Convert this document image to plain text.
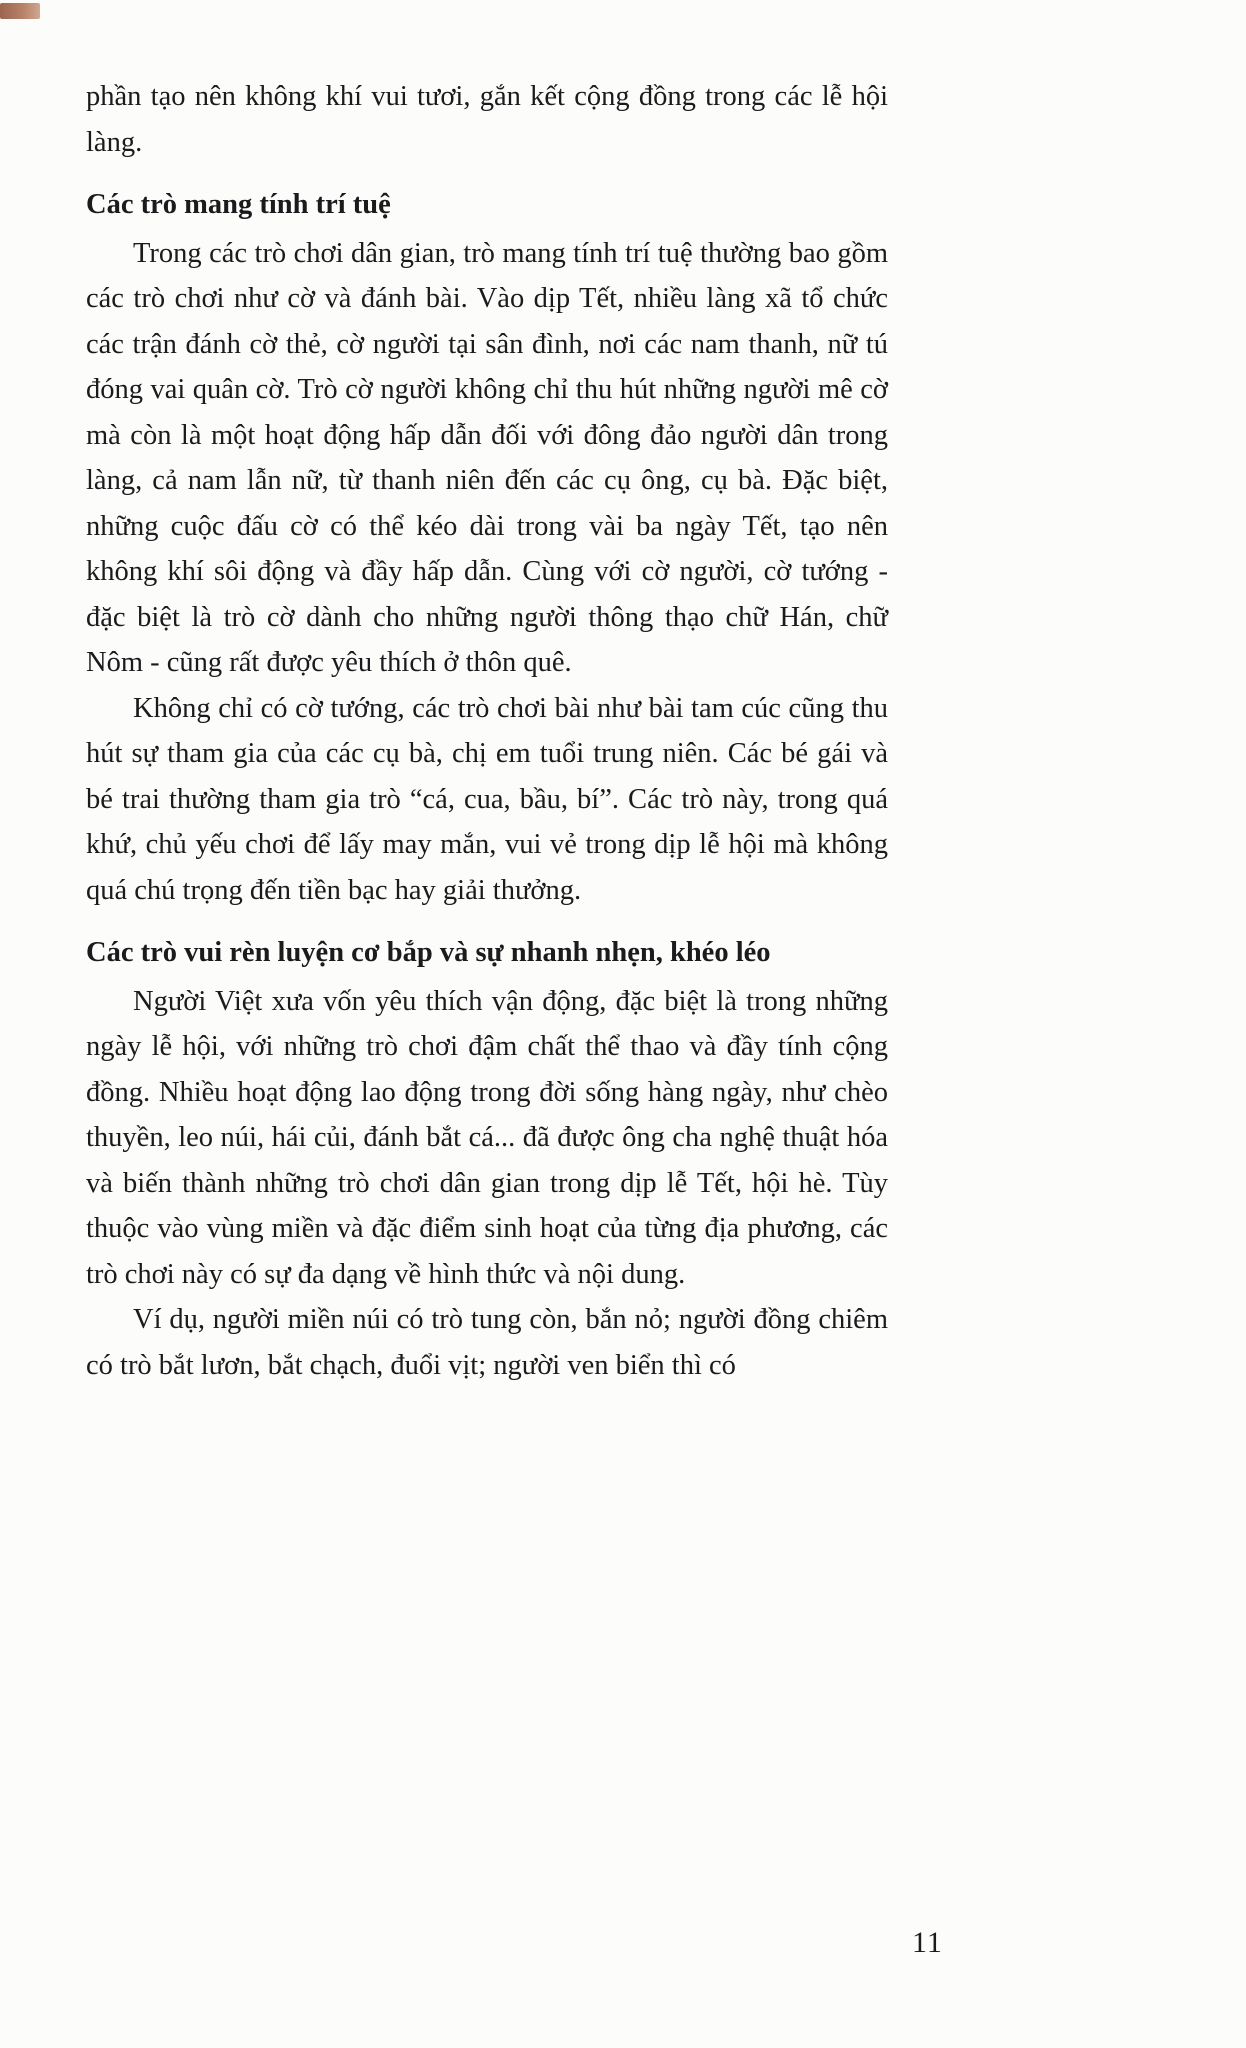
phần tạo nên không khí vui tươi, gắn kết cộng đồng trong các lễ hội làng.

Các trò mang tính trí tuệ

Trong các trò chơi dân gian, trò mang tính trí tuệ thường bao gồm các trò chơi như cờ và đánh bài. Vào dịp Tết, nhiều làng xã tổ chức các trận đánh cờ thẻ, cờ người tại sân đình, nơi các nam thanh, nữ tú đóng vai quân cờ. Trò cờ người không chỉ thu hút những người mê cờ mà còn là một hoạt động hấp dẫn đối với đông đảo người dân trong làng, cả nam lẫn nữ, từ thanh niên đến các cụ ông, cụ bà. Đặc biệt, những cuộc đấu cờ có thể kéo dài trong vài ba ngày Tết, tạo nên không khí sôi động và đầy hấp dẫn. Cùng với cờ người, cờ tướng - đặc biệt là trò cờ dành cho những người thông thạo chữ Hán, chữ Nôm - cũng rất được yêu thích ở thôn quê.

Không chỉ có cờ tướng, các trò chơi bài như bài tam cúc cũng thu hút sự tham gia của các cụ bà, chị em tuổi trung niên. Các bé gái và bé trai thường tham gia trò “cá, cua, bầu, bí”. Các trò này, trong quá khứ, chủ yếu chơi để lấy may mắn, vui vẻ trong dịp lễ hội mà không quá chú trọng đến tiền bạc hay giải thưởng.

Các trò vui rèn luyện cơ bắp và sự nhanh nhẹn, khéo léo

Người Việt xưa vốn yêu thích vận động, đặc biệt là trong những ngày lễ hội, với những trò chơi đậm chất thể thao và đầy tính cộng đồng. Nhiều hoạt động lao động trong đời sống hàng ngày, như chèo thuyền, leo núi, hái củi, đánh bắt cá... đã được ông cha nghệ thuật hóa và biến thành những trò chơi dân gian trong dịp lễ Tết, hội hè. Tùy thuộc vào vùng miền và đặc điểm sinh hoạt của từng địa phương, các trò chơi này có sự đa dạng về hình thức và nội dung.

Ví dụ, người miền núi có trò tung còn, bắn nỏ; người đồng chiêm có trò bắt lươn, bắt chạch, đuổi vịt; người ven biển thì có

11
